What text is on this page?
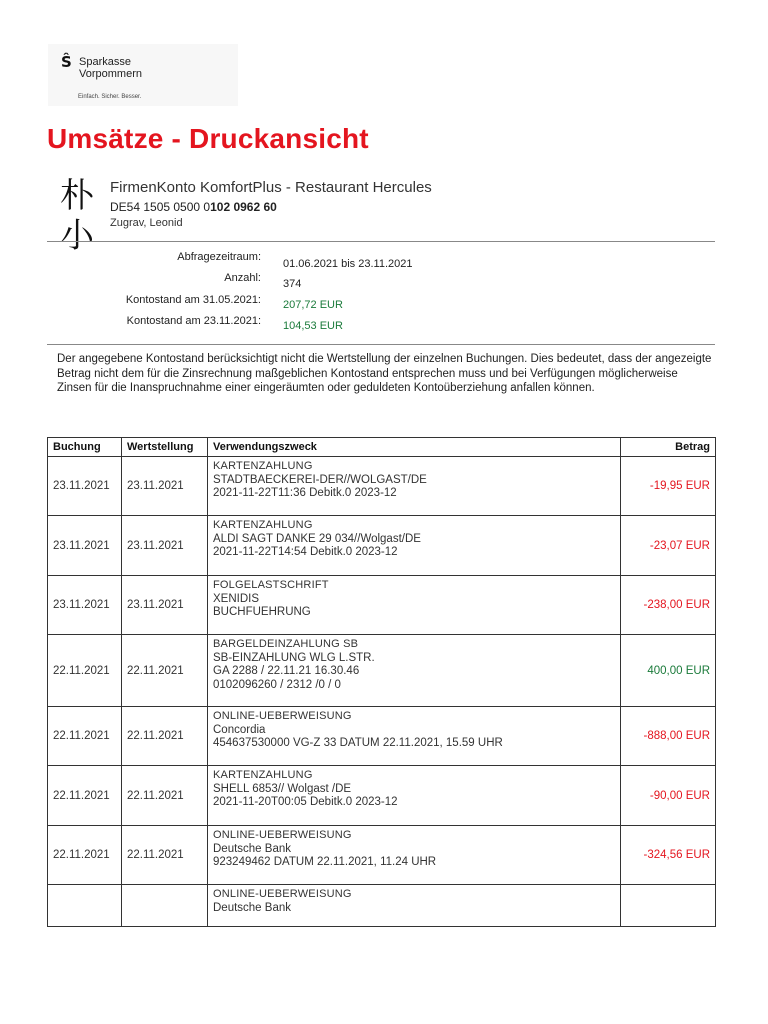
Ŝ Sparkasse
Vorpommern
Einfach. Sicher. Besser.
Umsätze - Druckansicht
朴小
FirmenKonto KomfortPlus - Restaurant Hercules
DE54 1505 0500 0102 0962 60
Zugrav, Leonid
Abfragezeitraum:
01.06.2021 bis 23.11.2021
Anzahl: 374
Kontostand am 31.05.2021: 207,72 EUR
Kontostand am 23.11.2021: 104,53 EUR

Der angegebene Kontostand berücksichtigt nicht die Wertstellung der einzelnen Buchungen. Dies bedeutet, dass der angezeigte Betrag nicht dem für die Zinsrechnung maßgeblichen Kontostand entsprechen muss und bei Verfügungen möglicherweise Zinsen für die Inanspruchnahme einer eingeräumten oder geduldeten Kontoüberziehung anfallen können.

Buchung	Wertstellung	Verwendungszweck	Betrag
23.11.2021	23.11.2021	KARTENZAHLUNG
STADTBAECKEREI-DER//WOLGAST/DE
2021-11-22T11:36 Debitk.0 2023-12	-19,95 EUR
23.11.2021	23.11.2021	KARTENZAHLUNG
ALDI SAGT DANKE 29 034//Wolgast/DE
2021-11-22T14:54 Debitk.0 2023-12	-23,07 EUR
23.11.2021	23.11.2021	FOLGELASTSCHRIFT
XENIDIS
BUCHFUEHRUNG	-238,00 EUR
22.11.2021	22.11.2021	BARGELDEINZAHLUNG SB
SB-EINZAHLUNG WLG L.STR.
GA 2288 / 22.11.21 16.30.46
0102096260 / 2312 /0 / 0	400,00 EUR
22.11.2021	22.11.2021	ONLINE-UEBERWEISUNG
Concordia
454637530000 VG-Z 33 DATUM 22.11.2021, 15.59 UHR	-888,00 EUR
22.11.2021	22.11.2021	KARTENZAHLUNG
SHELL 6853// Wolgast /DE
2021-11-20T00:05 Debitk.0 2023-12	-90,00 EUR
22.11.2021	22.11.2021	ONLINE-UEBERWEISUNG
Deutsche Bank
923249462 DATUM 22.11.2021, 11.24 UHR	-324,56 EUR

		ONLINE-UEBERWEISUNG
Deutsche Bank	
